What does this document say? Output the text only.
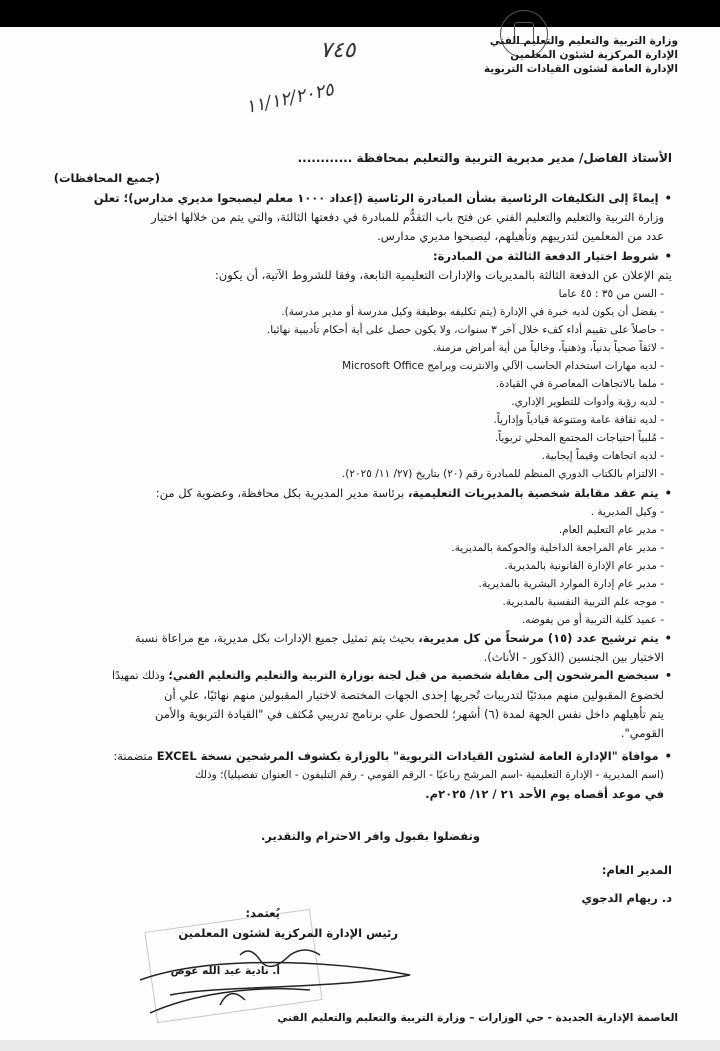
وزارة التربية والتعليم والتعليم الفني
الإدارة المركزية لشئون المعلمين
الإدارة العامة لشئون القيادات التربوية
٧٤٥
١١/١٢/٢٠٢٥
الأستاذ الفاضل/ مدير مديرية التربية والتعليم بمحافظة ............
(جميع المحافظات)
• إيماءً إلى التكليفات الرئاسية بشأن المبادرة الرئاسية (إعداد ١٠٠٠ معلم ليصبحوا مديري مدارس)؛ تعلن
وزارة التربية والتعليم والتعليم الفني عن فتح باب التقدُّم للمبادرة في دفعتها الثالثة، والتي يتم من خلالها اختيار
عدد من المعلمين لتدريبهم وتأهيلهم، ليصبحوا مديري مدارس.
• شروط اختيار الدفعة الثالثة من المبادرة:
يتم الإعلان عن الدفعة الثالثة بالمديريات والإدارات التعليمية التابعة، وفقا للشروط الآتية، أن يكون:
- السن من ٣٥ : ٤٥ عاما
- يفضل أن يكون لديه خبرة في الإدارة (يتم تكليفه بوظيفة وكيل مدرسة أو مدير مدرسة).
- حاصلاً على تقييم أداء كفء خلال آخر ٣ سنوات، ولا يكون حصل على أية أحكام تأديبية نهائيا.
- لائقاً صحياً بدنياً، وذهنياً، وخالياً من أية أمراض مزمنة.
- لديه مهارات استخدام الحاسب الآلي والانترنت وبرامج Microsoft Office
- ملما بالاتجاهات المعاصرة في القيادة.
- لديه رؤية وأدوات للتطوير الإداري.
- لديه ثقافة عامة ومتنوعة قيادياً وإدارياً.
- مُلبياً احتياجات المجتمع المحلي تربوياً.
- لديه اتجاهات وقيماً إيجابية.
- الالتزام بالكتاب الدوري المنظم للمبادرة رقم (٢٠) بتاريخ (٢٧/ ١١/ ٢٠٢٥).
• يتم عقد مقابلة شخصية بالمديريات التعليمية، برئاسة مدير المديرية بكل محافظة، وعضوية كل من:
- وكيل المديرية .
- مدير عام التعليم العام.
- مدير عام المراجعة الداخلية والحوكمة بالمديرية.
- مدير عام الإدارة القانونية بالمديرية.
- مدير عام إدارة الموارد البشرية بالمديرية.
- موجه علم التربية النفسية بالمديرية.
- عميد كلية التربية أو من يفوضه.
• يتم ترشيح عدد (١٥) مرشحاً من كل مديرية، بحيث يتم تمثيل جميع الإدارات بكل مديرية، مع مراعاة نسبة
الاختيار بين الجنسين (الذكور - الأناث).
• سيخضع المرشحون إلى مقابلة شخصية من قبل لجنة بوزارة التربية والتعليم والتعليم الفني؛ وذلك تمهيدًا
لخضوع المقبولين منهم مبدئيًا لتدريبات تُجريها إحدى الجهات المختصة لاختيار المقبولين منهم نهائيًا، علي أن
يتم تأهيلهم داخل نفس الجهة لمدة (٦) أشهر؛ للحصول علي برنامج تدريبي مُكثف في "القيادة التربوية والأمن
القومي".
• موافاة "الإدارة العامة لشئون القيادات التربوية" بالوزارة بكشوف المرشحين نسخة EXCEL متضمنة:
(اسم المديرية - الإدارة التعليمية -اسم المرشح رباعيًا - الرقم القومي - رقم التليفون - العنوان تفصيليا)؛ وذلك
في موعد أقصاه يوم الأحد ٢١ / ١٢/ ٢٠٢٥م.
وتفضلوا بقبول وافر الاحترام والتقدير.
المدير العام:
د. ريهام الدجوي
يُعتمد:
رئيس الإدارة المركزية لشئون المعلمين
أ. نادية عبد الله عوض
العاصمة الإدارية الجديدة - حي الوزارات – وزارة التربية والتعليم والتعليم الفني
